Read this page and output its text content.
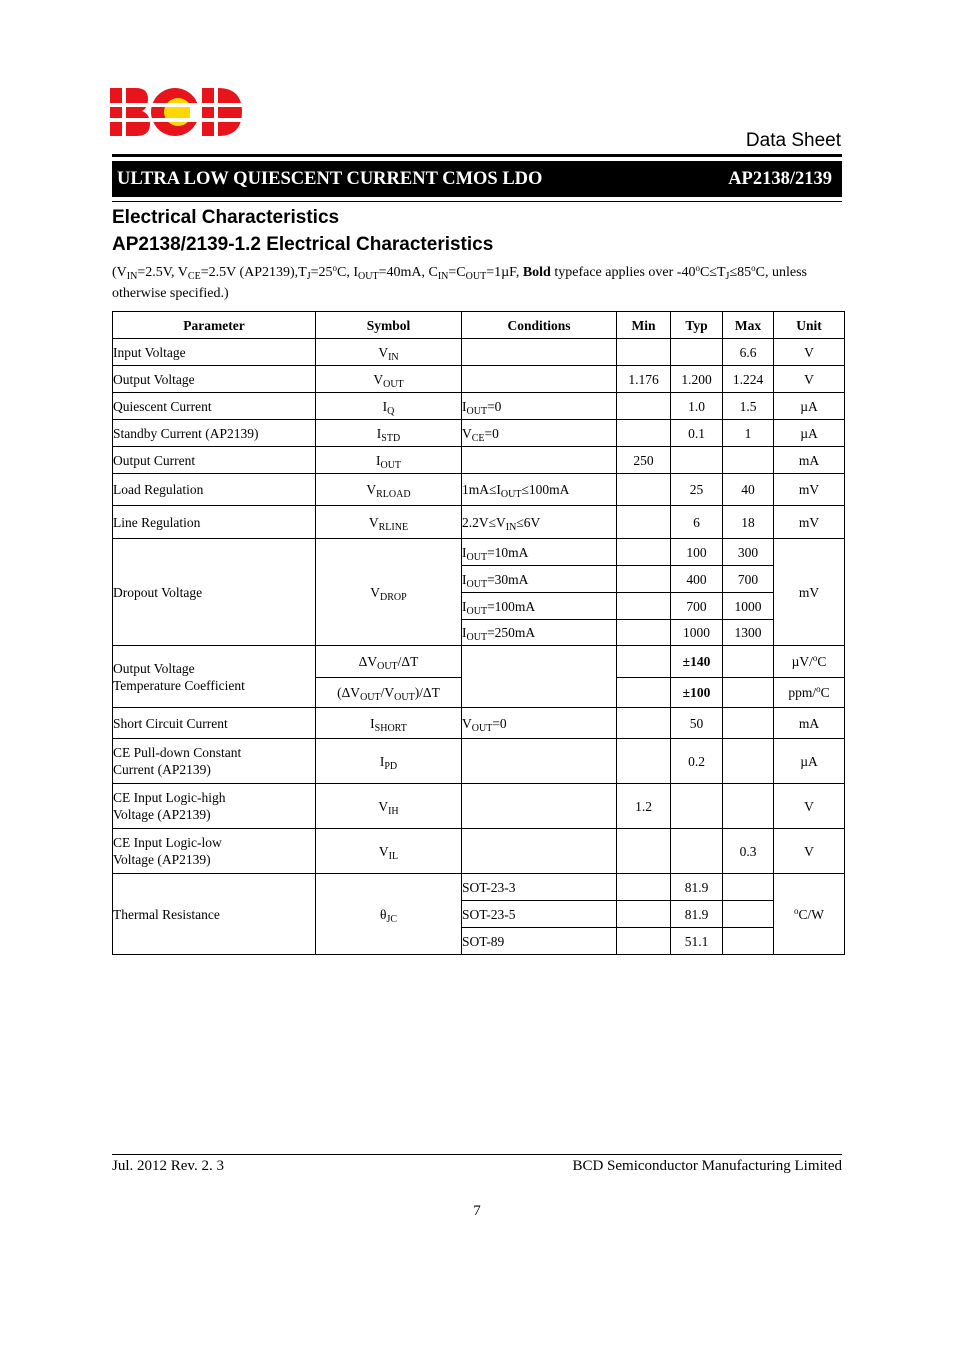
Data Sheet
ULTRA LOW QUIESCENT CURRENT CMOS LDO	AP2138/2139
Electrical Characteristics
AP2138/2139-1.2 Electrical Characteristics
($V_{IN}=2.5V$, $V_{CE}=2.5V$ $(AP2139),T_J=25^oC$, $I_{OUT}=40mA$, $C_{IN}=C_{OUT}=1\mu F$, Bold typeface applies over $-40^oC\le T_J\le 85^oC$, unless otherwise specified.)
Parameter	Symbol	Conditions	Min	Typ	Max	Unit
Input Voltage	$V_{IN}$				6.6	V
Output Voltage	$V_{OUT}$		1.176	1.200	1.224	V
Quiescent Current	$I_Q$	$I_{OUT}=0$		1.0	1.5	µA
Standby Current (AP2139)	$I_{STD}$	$V_{CE}=0$		0.1	1	µA
Output Current	$I_{OUT}$		250			mA
Load Regulation	$V_{RLOAD}$	$1mA\le I_{OUT}\le 100mA$		25	40	mV
Line Regulation	$V_{RLINE}$	$2.2V\le V_{IN}\le 6V$		6	18	mV
Dropout Voltage	$V_{DROP}$	$I_{OUT}=10mA$		100	300	mV
		$I_{OUT}=30mA$		400	700	
		$I_{OUT}=100mA$		700	1000	
		$I_{OUT}=250mA$		1000	1300	
Output Voltage
Temperature Coefficient	$\Delta V_{OUT}/\Delta T$			±140		µV/$^o$C
	$(\Delta V_{OUT}/V_{OUT})/\Delta T$			±100		ppm/$^o$C
Short Circuit Current	$I_{SHORT}$	$V_{OUT}=0$		50		mA
CE Pull-down Constant
Current (AP2139)	$I_{PD}$			0.2		µA
CE Input Logic-high
Voltage (AP2139)	$V_{IH}$		1.2			V
CE Input Logic-low
Voltage (AP2139)	$V_{IL}$				0.3	V
Thermal Resistance	$\theta_{JC}$	SOT-23-3		81.9		$^o$C/W
		SOT-23-5		81.9		
		SOT-89		51.1		
Jul. 2012 Rev. 2. 3	BCD Semiconductor Manufacturing Limited
7
